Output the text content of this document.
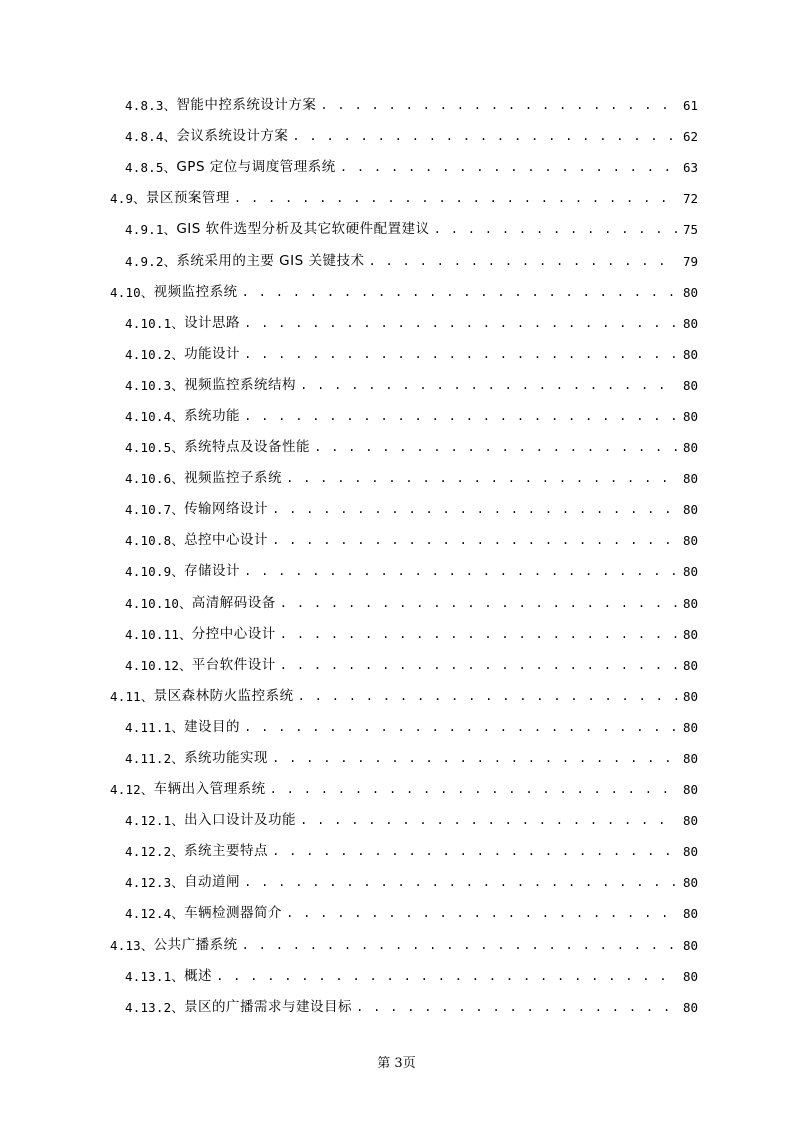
4.8.3、 智能中控系统设计方案 . . .	61
4.8.4、 会议系统设计方案 . . .	62
4.8.5、 GPS 定位与调度管理系统 . . .	63
4.9、 景区预案管理 . . .	72
4.9.1、 GIS 软件选型分析及其它软硬件配置建议 . . .	75
4.9.2、 系统采用的主要 GIS 关键技术 . . .	79
4.10、 视频监控系统 . . .	80
4.10.1、 设计思路 . . .	80
4.10.2、 功能设计 . . .	80
4.10.3、 视频监控系统结构 . . .	80
4.10.4、 系统功能 . . .	80
4.10.5、 系统特点及设备性能 . . .	80
4.10.6、 视频监控子系统 . . .	80
4.10.7、 传输网络设计 . . .	80
4.10.8、 总控中心设计 . . .	80
4.10.9、 存储设计 . . .	80
4.10.10、 高清解码设备 . . .	80
4.10.11、 分控中心设计 . . .	80
4.10.12、 平台软件设计 . . .	80
4.11、 景区森林防火监控系统 . . .	80
4.11.1、 建设目的 . . .	80
4.11.2、 系统功能实现 . . .	80
4.12、 车辆出入管理系统 . . .	80
4.12.1、 出入口设计及功能 . . .	80
4.12.2、 系统主要特点 . . .	80
4.12.3、 自动道闸 . . .	80
4.12.4、 车辆检测器简介 . . .	80
4.13、 公共广播系统 . . .	80
4.13.1、 概述 . . .	80
4.13.2、 景区的广播需求与建设目标 . . .	80
第 3页
